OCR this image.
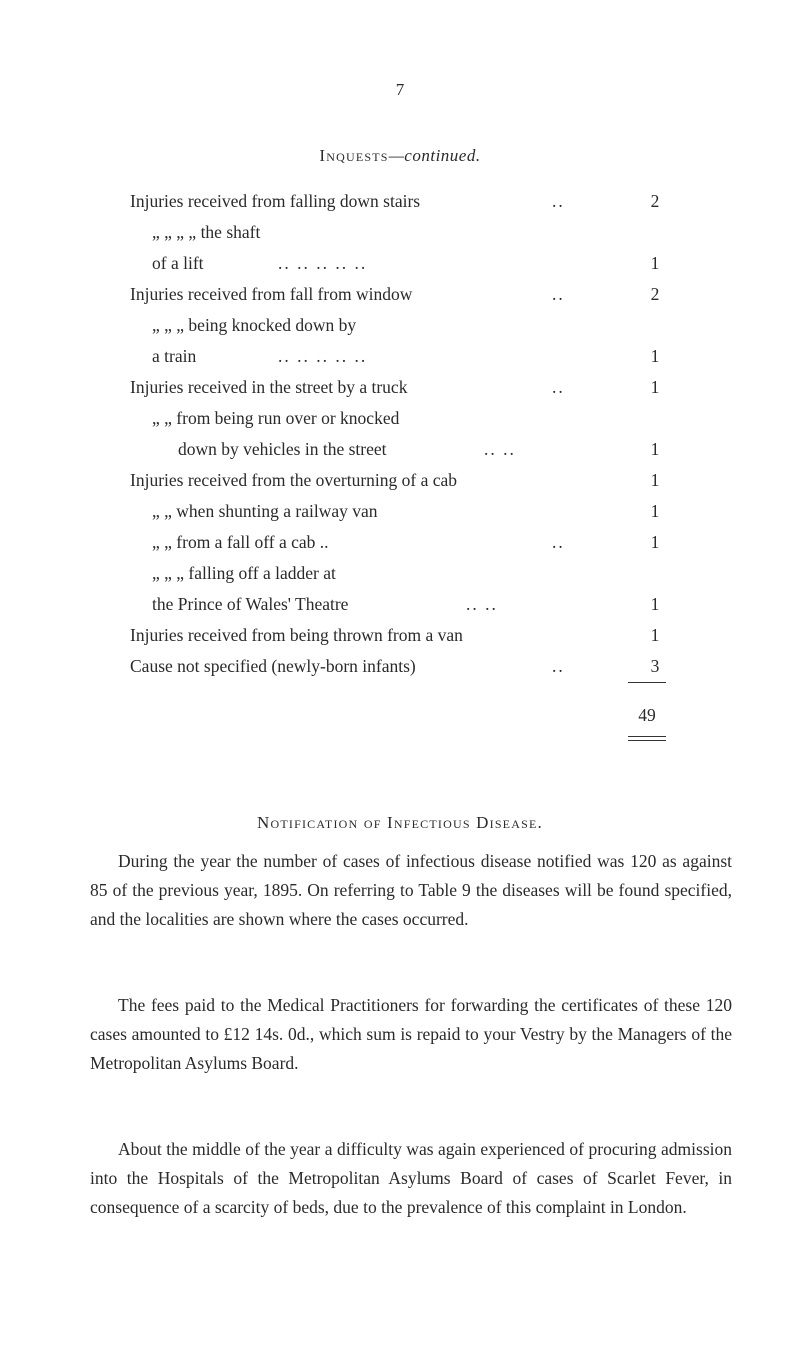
7
Inquests—continued.
Injuries received from falling down stairs	..	2
„ „ „ „ the shaft
of a lift	.. .. .. .. ..	1
Injuries received from fall from window	..	2
„ „ „ being knocked down by
a train	.. .. .. .. ..	1
Injuries received in the street by a truck	..	1
„ „ from being run over or knocked
down by vehicles in the street	.. ..	1
Injuries received from the overturning of a cab	1
„ „ when shunting a railway van	1
„ „ from a fall off a cab ..	..	1
„ „ „ falling off a ladder at
the Prince of Wales' Theatre	.. ..	1
Injuries received from being thrown from a van	1
Cause not specified (newly-born infants)	..	3
49
Notification of Infectious Disease.

During the year the number of cases of infectious disease notified was 120 as against 85 of the previous year, 1895. On referring to Table 9 the diseases will be found specified, and the localities are shown where the cases occurred.

The fees paid to the Medical Practitioners for forwarding the certificates of these 120 cases amounted to £12 14s. 0d., which sum is repaid to your Vestry by the Managers of the Metropolitan Asylums Board.

About the middle of the year a difficulty was again experienced of procuring admission into the Hospitals of the Metropolitan Asylums Board of cases of Scarlet Fever, in consequence of a scarcity of beds, due to the prevalence of this complaint in London.
